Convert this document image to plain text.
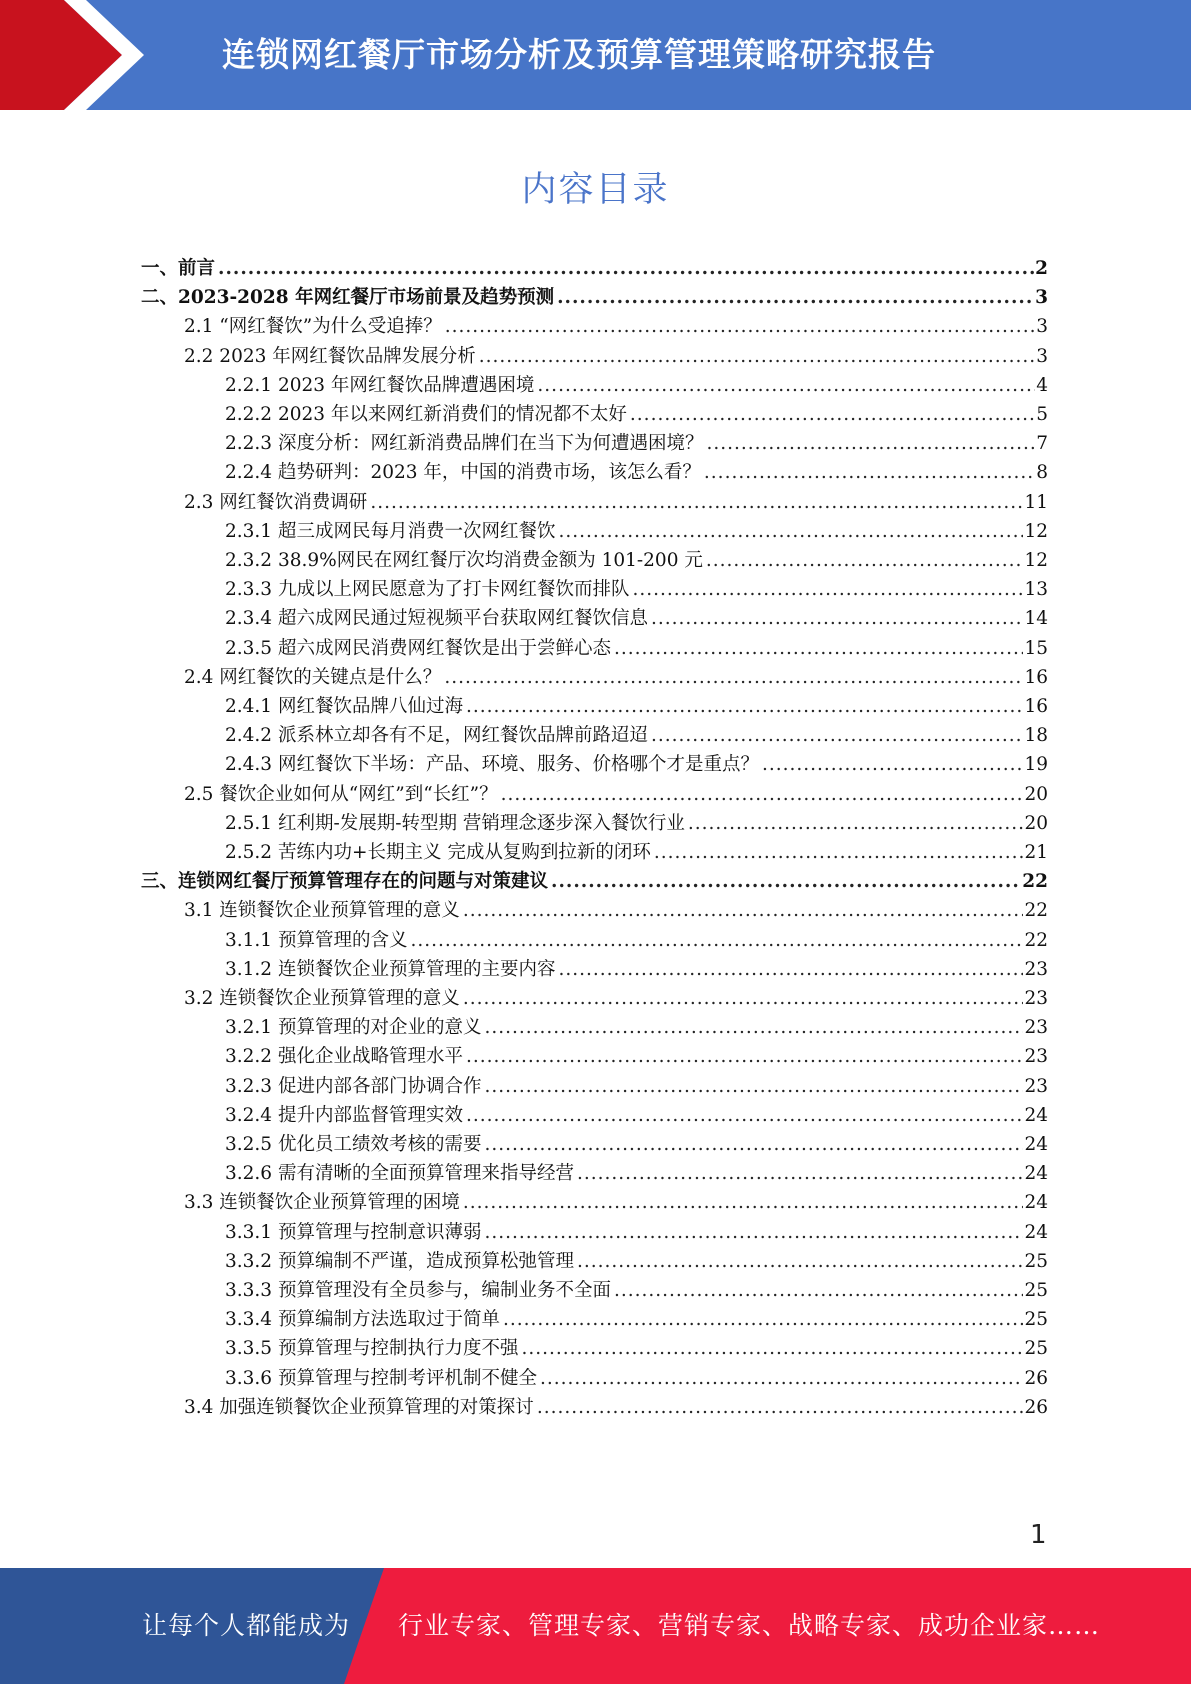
连锁网红餐厅市场分析及预算管理策略研究报告
内容目录
一、前言 .....	2
二、2023-2028 年网红餐厅市场前景及趋势预测 .....	3
2.1 “网红餐饮”为什么受追捧？ .....	3
2.2 2023 年网红餐饮品牌发展分析 .....	3
2.2.1 2023 年网红餐饮品牌遭遇困境 .....	4
2.2.2 2023 年以来网红新消费们的情况都不太好 .....	5
2.2.3 深度分析：网红新消费品牌们在当下为何遭遇困境？ .....	7
2.2.4 趋势研判：2023 年，中国的消费市场，该怎么看？ .....	8
2.3 网红餐饮消费调研 .....	11
2.3.1 超三成网民每月消费一次网红餐饮 .....	12
2.3.2 38.9%网民在网红餐厅次均消费金额为 101-200 元 .....	12
2.3.3 九成以上网民愿意为了打卡网红餐饮而排队 .....	13
2.3.4 超六成网民通过短视频平台获取网红餐饮信息 .....	14
2.3.5 超六成网民消费网红餐饮是出于尝鲜心态 .....	15
2.4 网红餐饮的关键点是什么？ .....	16
2.4.1 网红餐饮品牌八仙过海 .....	16
2.4.2 派系林立却各有不足，网红餐饮品牌前路迢迢 .....	18
2.4.3 网红餐饮下半场：产品、环境、服务、价格哪个才是重点？ .....	19
2.5 餐饮企业如何从“网红”到“长红”？ .....	20
2.5.1 红利期-发展期-转型期 营销理念逐步深入餐饮行业 .....	20
2.5.2 苦练内功+长期主义 完成从复购到拉新的闭环 .....	21
三、连锁网红餐厅预算管理存在的问题与对策建议 .....	22
3.1 连锁餐饮企业预算管理的意义 .....	22
3.1.1 预算管理的含义 .....	22
3.1.2 连锁餐饮企业预算管理的主要内容 .....	23
3.2 连锁餐饮企业预算管理的意义 .....	23
3.2.1 预算管理的对企业的意义 .....	23
3.2.2 强化企业战略管理水平 .....	23
3.2.3 促进内部各部门协调合作 .....	23
3.2.4 提升内部监督管理实效 .....	24
3.2.5 优化员工绩效考核的需要 .....	24
3.2.6 需有清晰的全面预算管理来指导经营 .....	24
3.3 连锁餐饮企业预算管理的困境 .....	24
3.3.1 预算管理与控制意识薄弱 .....	24
3.3.2 预算编制不严谨，造成预算松弛管理 .....	25
3.3.3 预算管理没有全员参与，编制业务不全面 .....	25
3.3.4 预算编制方法选取过于简单 .....	25
3.3.5 预算管理与控制执行力度不强 .....	25
3.3.6 预算管理与控制考评机制不健全 .....	26
3.4 加强连锁餐饮企业预算管理的对策探讨 .....	26
1
让每个人都能成为 行业专家、管理专家、营销专家、战略专家、成功企业家……
